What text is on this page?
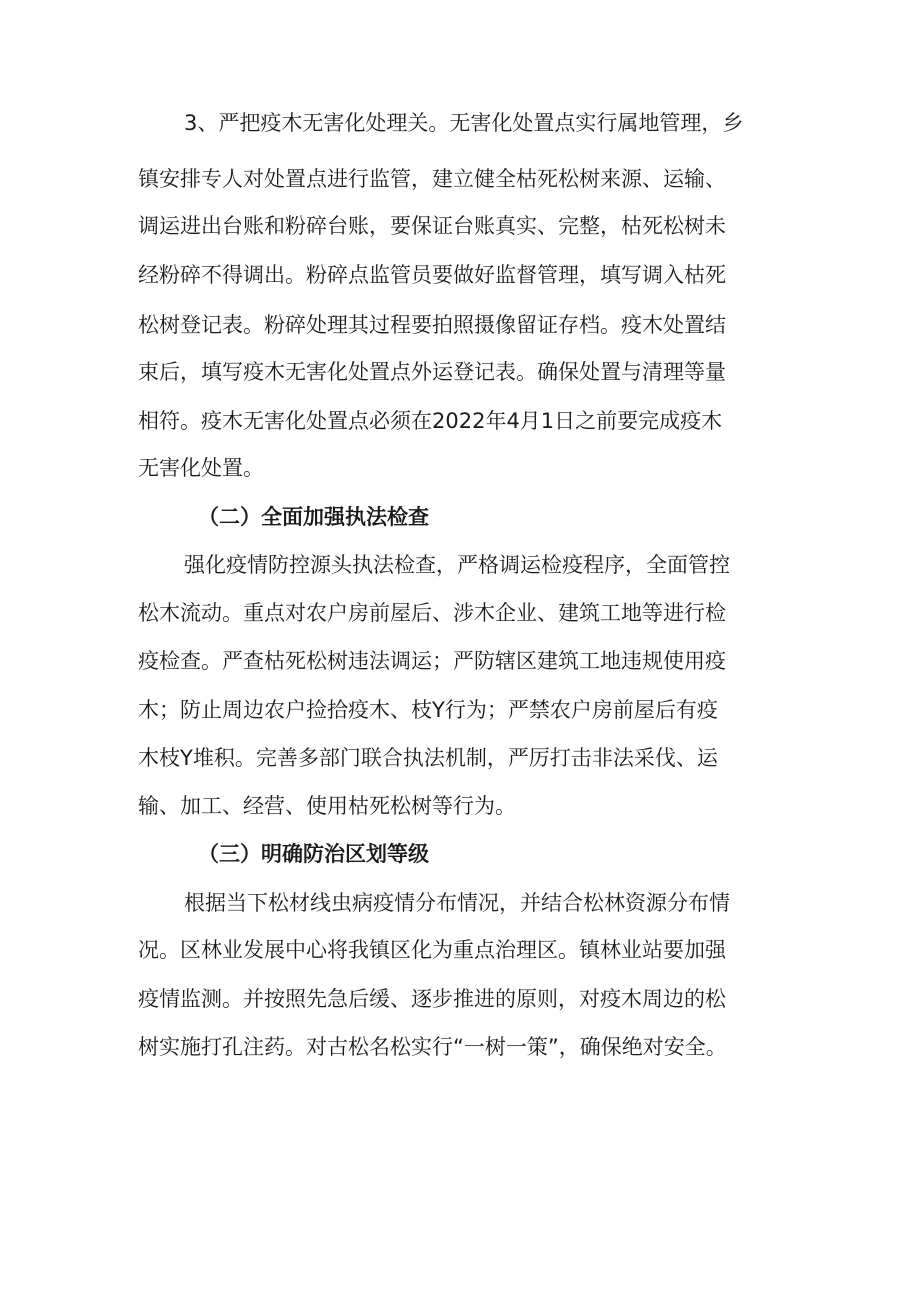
3、严把疫木无害化处理关。无害化处置点实行属地管理，乡
镇安排专人对处置点进行监管，建立健全枯死松树来源、运输、
调运进出台账和粉碎台账，要保证台账真实、完整，枯死松树未
经粉碎不得调出。粉碎点监管员要做好监督管理，填写调入枯死
松树登记表。粉碎处理其过程要拍照摄像留证存档。疫木处置结
束后，填写疫木无害化处置点外运登记表。确保处置与清理等量
相符。疫木无害化处置点必须在2022年4月1日之前要完成疫木
无害化处置。
（二）全面加强执法检查
强化疫情防控源头执法检查，严格调运检疫程序，全面管控
松木流动。重点对农户房前屋后、涉木企业、建筑工地等进行检
疫检查。严查枯死松树违法调运；严防辖区建筑工地违规使用疫
木；防止周边农户捡拾疫木、枝Y行为；严禁农户房前屋后有疫
木枝Y堆积。完善多部门联合执法机制，严厉打击非法采伐、运
输、加工、经营、使用枯死松树等行为。
（三）明确防治区划等级
根据当下松材线虫病疫情分布情况，并结合松林资源分布情
况。区林业发展中心将我镇区化为重点治理区。镇林业站要加强
疫情监测。并按照先急后缓、逐步推进的原则，对疫木周边的松
树实施打孔注药。对古松名松实行“一树一策”，确保绝对安全。
